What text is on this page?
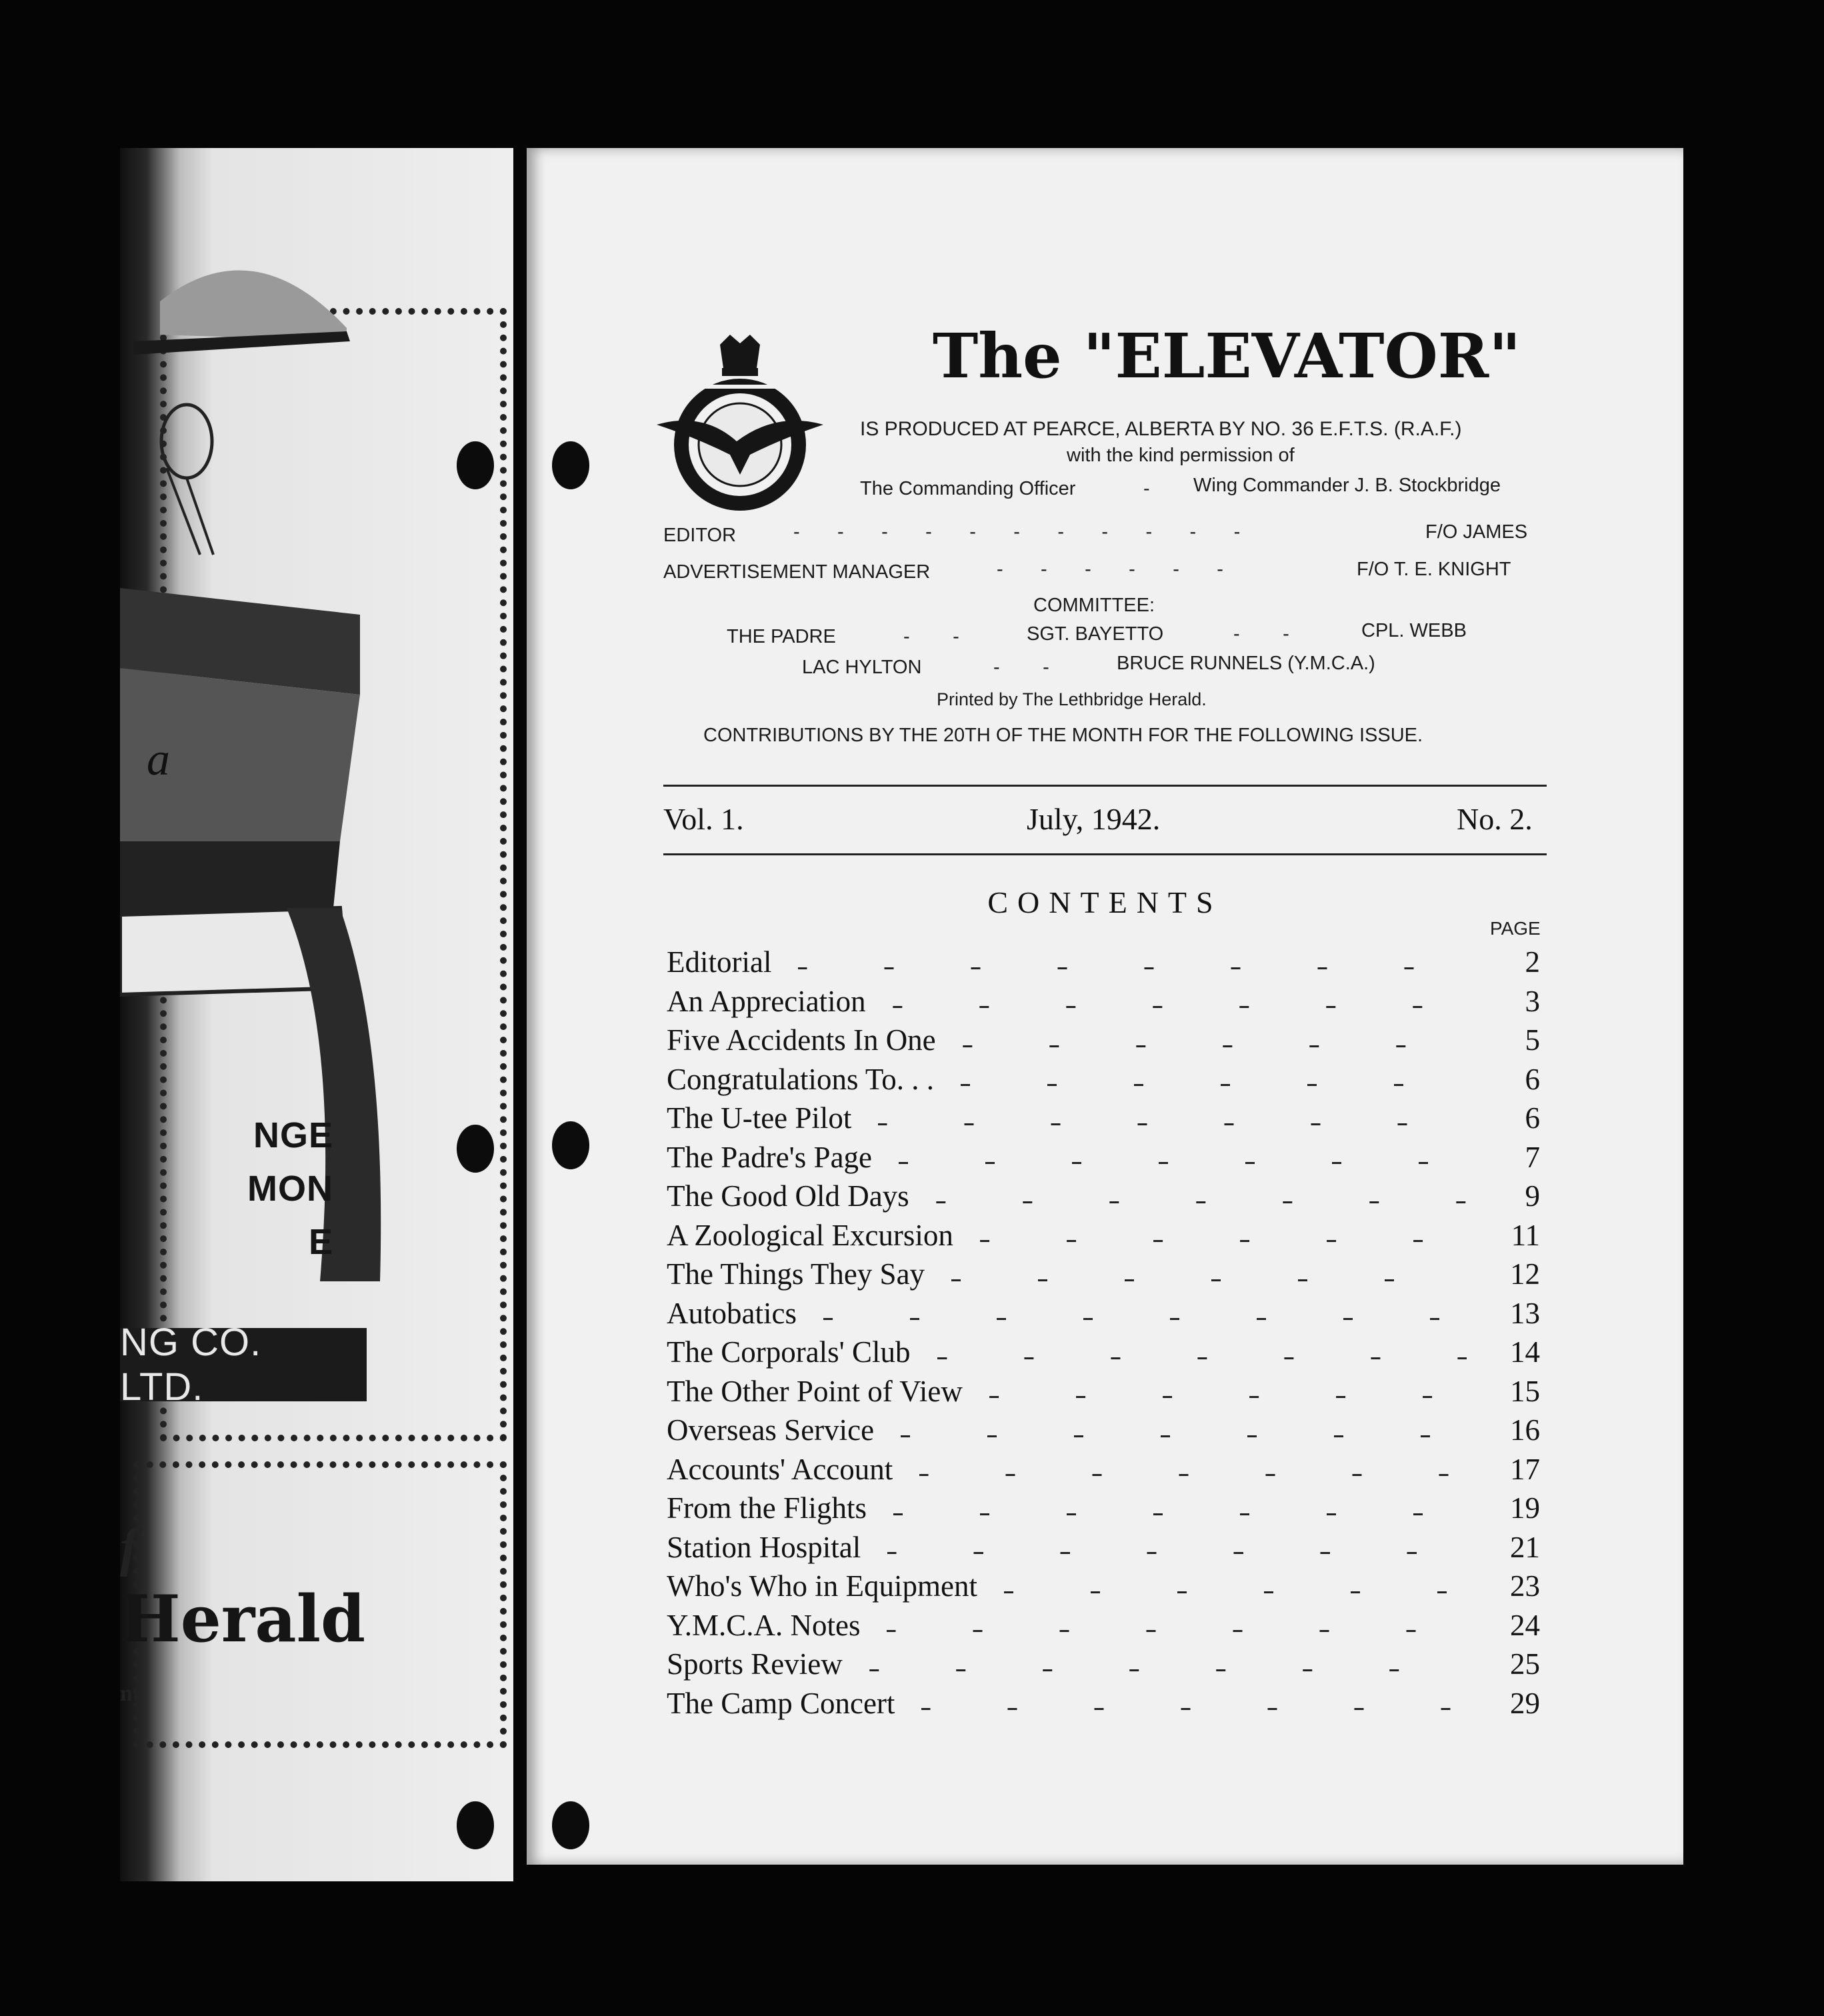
a
NGE
MON
E
NG CO. LTD.
f
Herald
nt
The "ELEVATOR"
IS PRODUCED AT PEARCE, ALBERTA BY NO. 36 E.F.T.S. (R.A.F.)
with the kind permission of
The Commanding Officer	- Wing Commander J. B. Stockbridge
EDITOR	-       -       -       -       -       -       -       -       -       -       -	F/O JAMES
ADVERTISEMENT MANAGER	-       -       -       -       -       -	F/O T. E. KNIGHT
COMMITTEE:
THE PADRE	-        -	SGT. BAYETTO	-        -	CPL. WEBB
LAC HYLTON	-        -	BRUCE RUNNELS (Y.M.C.A.)
Printed by The Lethbridge Herald.
CONTRIBUTIONS BY THE 20TH OF THE MONTH FOR THE FOLLOWING ISSUE.
Vol. 1.	July, 1942.	No. 2.
CONTENTS
PAGE
Editorial	2
An Appreciation	3
Five Accidents In One	5
Congratulations To. . .	6
The U-tee Pilot	6
The Padre's Page	7
The Good Old Days	9
A Zoological Excursion	11
The Things They Say	12
Autobatics	13
The Corporals' Club	14
The Other Point of View	15
Overseas Service	16
Accounts' Account	17
From the Flights	19
Station Hospital	21
Who's Who in Equipment	23
Y.M.C.A. Notes	24
Sports Review	25
The Camp Concert	29
